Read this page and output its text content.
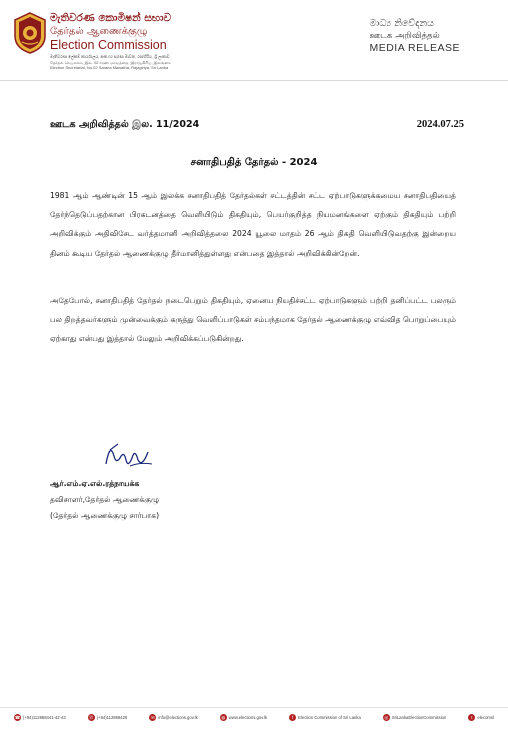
මැතිවරණ කොමිෂන් සභාව
தேர்தல் ஆணைக்குழு
Election Commission
මැතිවරණ ලේකම් කාර්යාලය, අංක 02 සරණ මාවත, රාජගිරිය, ශ්‍රී ලංකාව
தேர்தல் செயலகம், இல. 02 சரண மாவத்தை, இராஜகிரிய, இலங்கை
Election Secretariat, No.02 Sarana Mawatha, Rajagiriya, Sri Lanka
මාධ්‍ය නිවේදනය
ஊடக அறிவித்தல்
MEDIA RELEASE
ஊடக அறிவித்தல் இல. 11/2024	2024.07.25
சனாதிபதித் தேர்தல் - 2024
1981 ஆம் ஆண்டின் 15 ஆம் இலக்க சனாதிபதித் தேர்தல்கள் சட்டத்தின் சட்ட ஏற்பாடுகளுக்கமைய சனாதிபதியைத் தேர்ந்தெடுப்பதற்கான பிரகடனத்தை வெளியிடும் திகதியும், பெயர்குறித்த நியமனங்களை ஏற்கும் திகதியும் பற்றி அறிவிக்கும் அதிவிசேட வர்த்தமானி அறிவித்தலை 2024 யூலை மாதம் 26 ஆம் திகதி வெளியிடுவதற்கு இன்றைய தினம் கூடிய தேர்தல் ஆணைக்குழு தீர்மானித்துள்ளது என்பதை இத்தால் அறிவிக்கின்றேன்.
அதேபோல், சனாதிபதித் தேர்தல் நடைபெறும் திகதியும், ஏனைய நியதிச்சட்ட ஏற்பாடுகளும் பற்றி தனிப்பட்ட பலரும் பல திறத்தவர்களும் முன்வைக்கும் கருத்து வெளிப்பாடுகள் சம்பந்தமாக தேர்தல் ஆணைக்குழு எவ்வித பொறுப்பையும் ஏற்காது என்பது இத்தால் மேலும் அறிவிக்கப்படுகின்றது.
ஆர்.எம்.ஏ.எல்.ரத்நாயக்க
தவிசாளர்,தேர்தல் ஆணைக்குழு
(தேர்தல் ஆணைக்குழு சார்பாக)
☎ (+94)112868441-42-43	✆ (+94)112868426	✉ info@elections.gov.lk	◍ www.elections.gov.lk	f	Election Commission of Sri Lanka	◎ SriLankaElectionCommission	t	elecomsl
